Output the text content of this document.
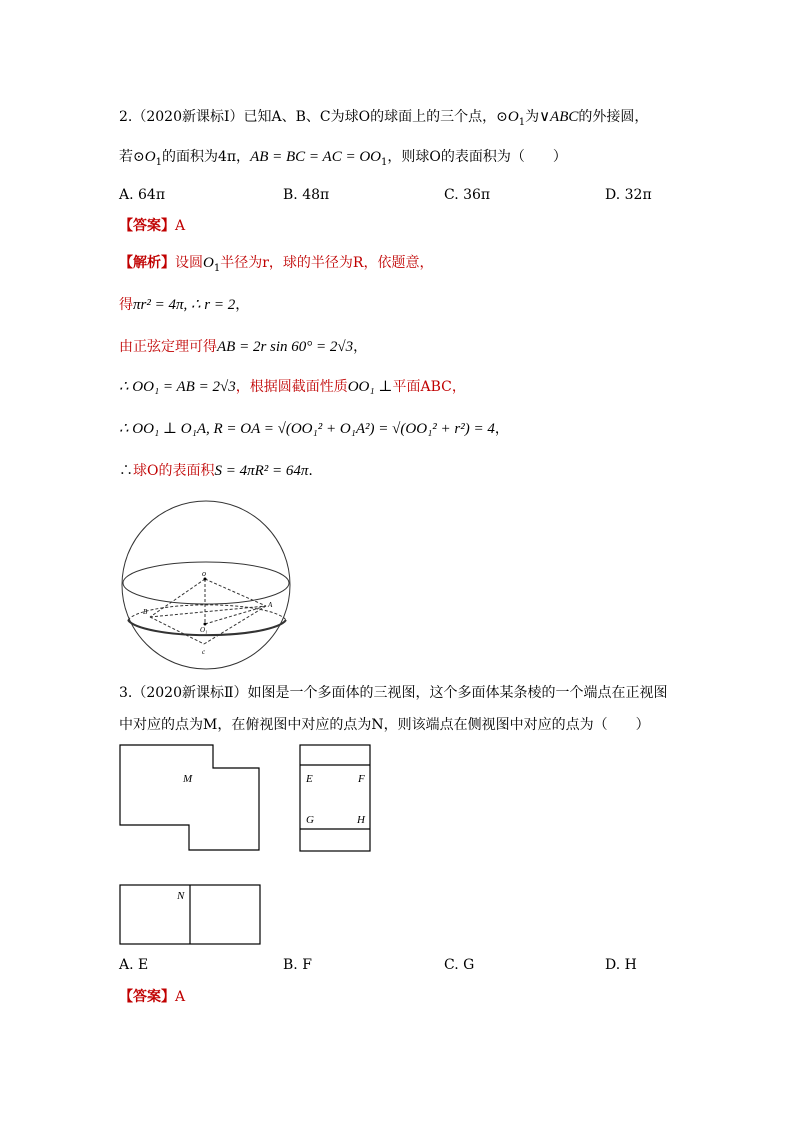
2.（2020新课标Ⅰ）已知A、B、C为球O的球面上的三个点，$⊙O_1$为∨ABC的外接圆，
若$⊙O_1$的面积为4π，AB = BC = AC = $OO_1$，则球O的表面积为（　　）
A. 64π	B. 48π	C. 36π	D. 32π
【答案】A
【解析】设圆$O_1$半径为r，球的半径为R，依题意，
得πr² = 4π, ∴ r = 2，
由正弦定理可得AB = 2r sin 60° = 2√3，
∴ OO₁ = AB = 2√3，根据圆截面性质OO₁ ⊥平面ABC，
∴ OO₁ ⊥ O₁A, R = OA = √(OO₁² + O₁A²) = √(OO₁² + r²) = 4，
∴球O的表面积S = 4πR² = 64π.
o
A
B
c
O₁
3.（2020新课标Ⅱ）如图是一个多面体的三视图，这个多面体某条棱的一个端点在正视图
中对应的点为M，在俯视图中对应的点为N，则该端点在侧视图中对应的点为（　　）
M	E	F
G	H
N
A. E	B. F	C. G	D. H
【答案】A
